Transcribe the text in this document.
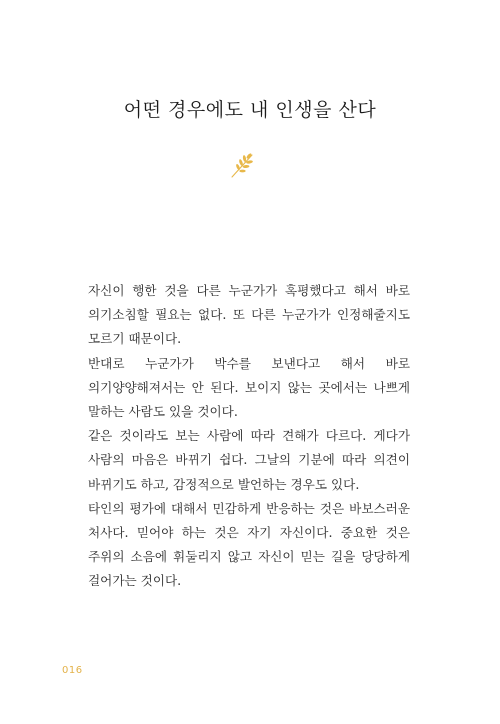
어떤 경우에도 내 인생을 산다

자신이 행한 것을 다른 누군가가 혹평했다고 해서 바로 의기소침할 필요는 없다. 또 다른 누군가가 인정해줄지도 모르기 때문이다.

반대로 누군가가 박수를 보낸다고 해서 바로 의기양양해져서는 안 된다. 보이지 않는 곳에서는 나쁘게 말하는 사람도 있을 것이다.

같은 것이라도 보는 사람에 따라 견해가 다르다. 게다가 사람의 마음은 바뀌기 쉽다. 그날의 기분에 따라 의견이 바뀌기도 하고, 감정적으로 발언하는 경우도 있다.

타인의 평가에 대해서 민감하게 반응하는 것은 바보스러운 처사다. 믿어야 하는 것은 자기 자신이다. 중요한 것은 주위의 소음에 휘둘리지 않고 자신이 믿는 길을 당당하게 걸어가는 것이다.

016
